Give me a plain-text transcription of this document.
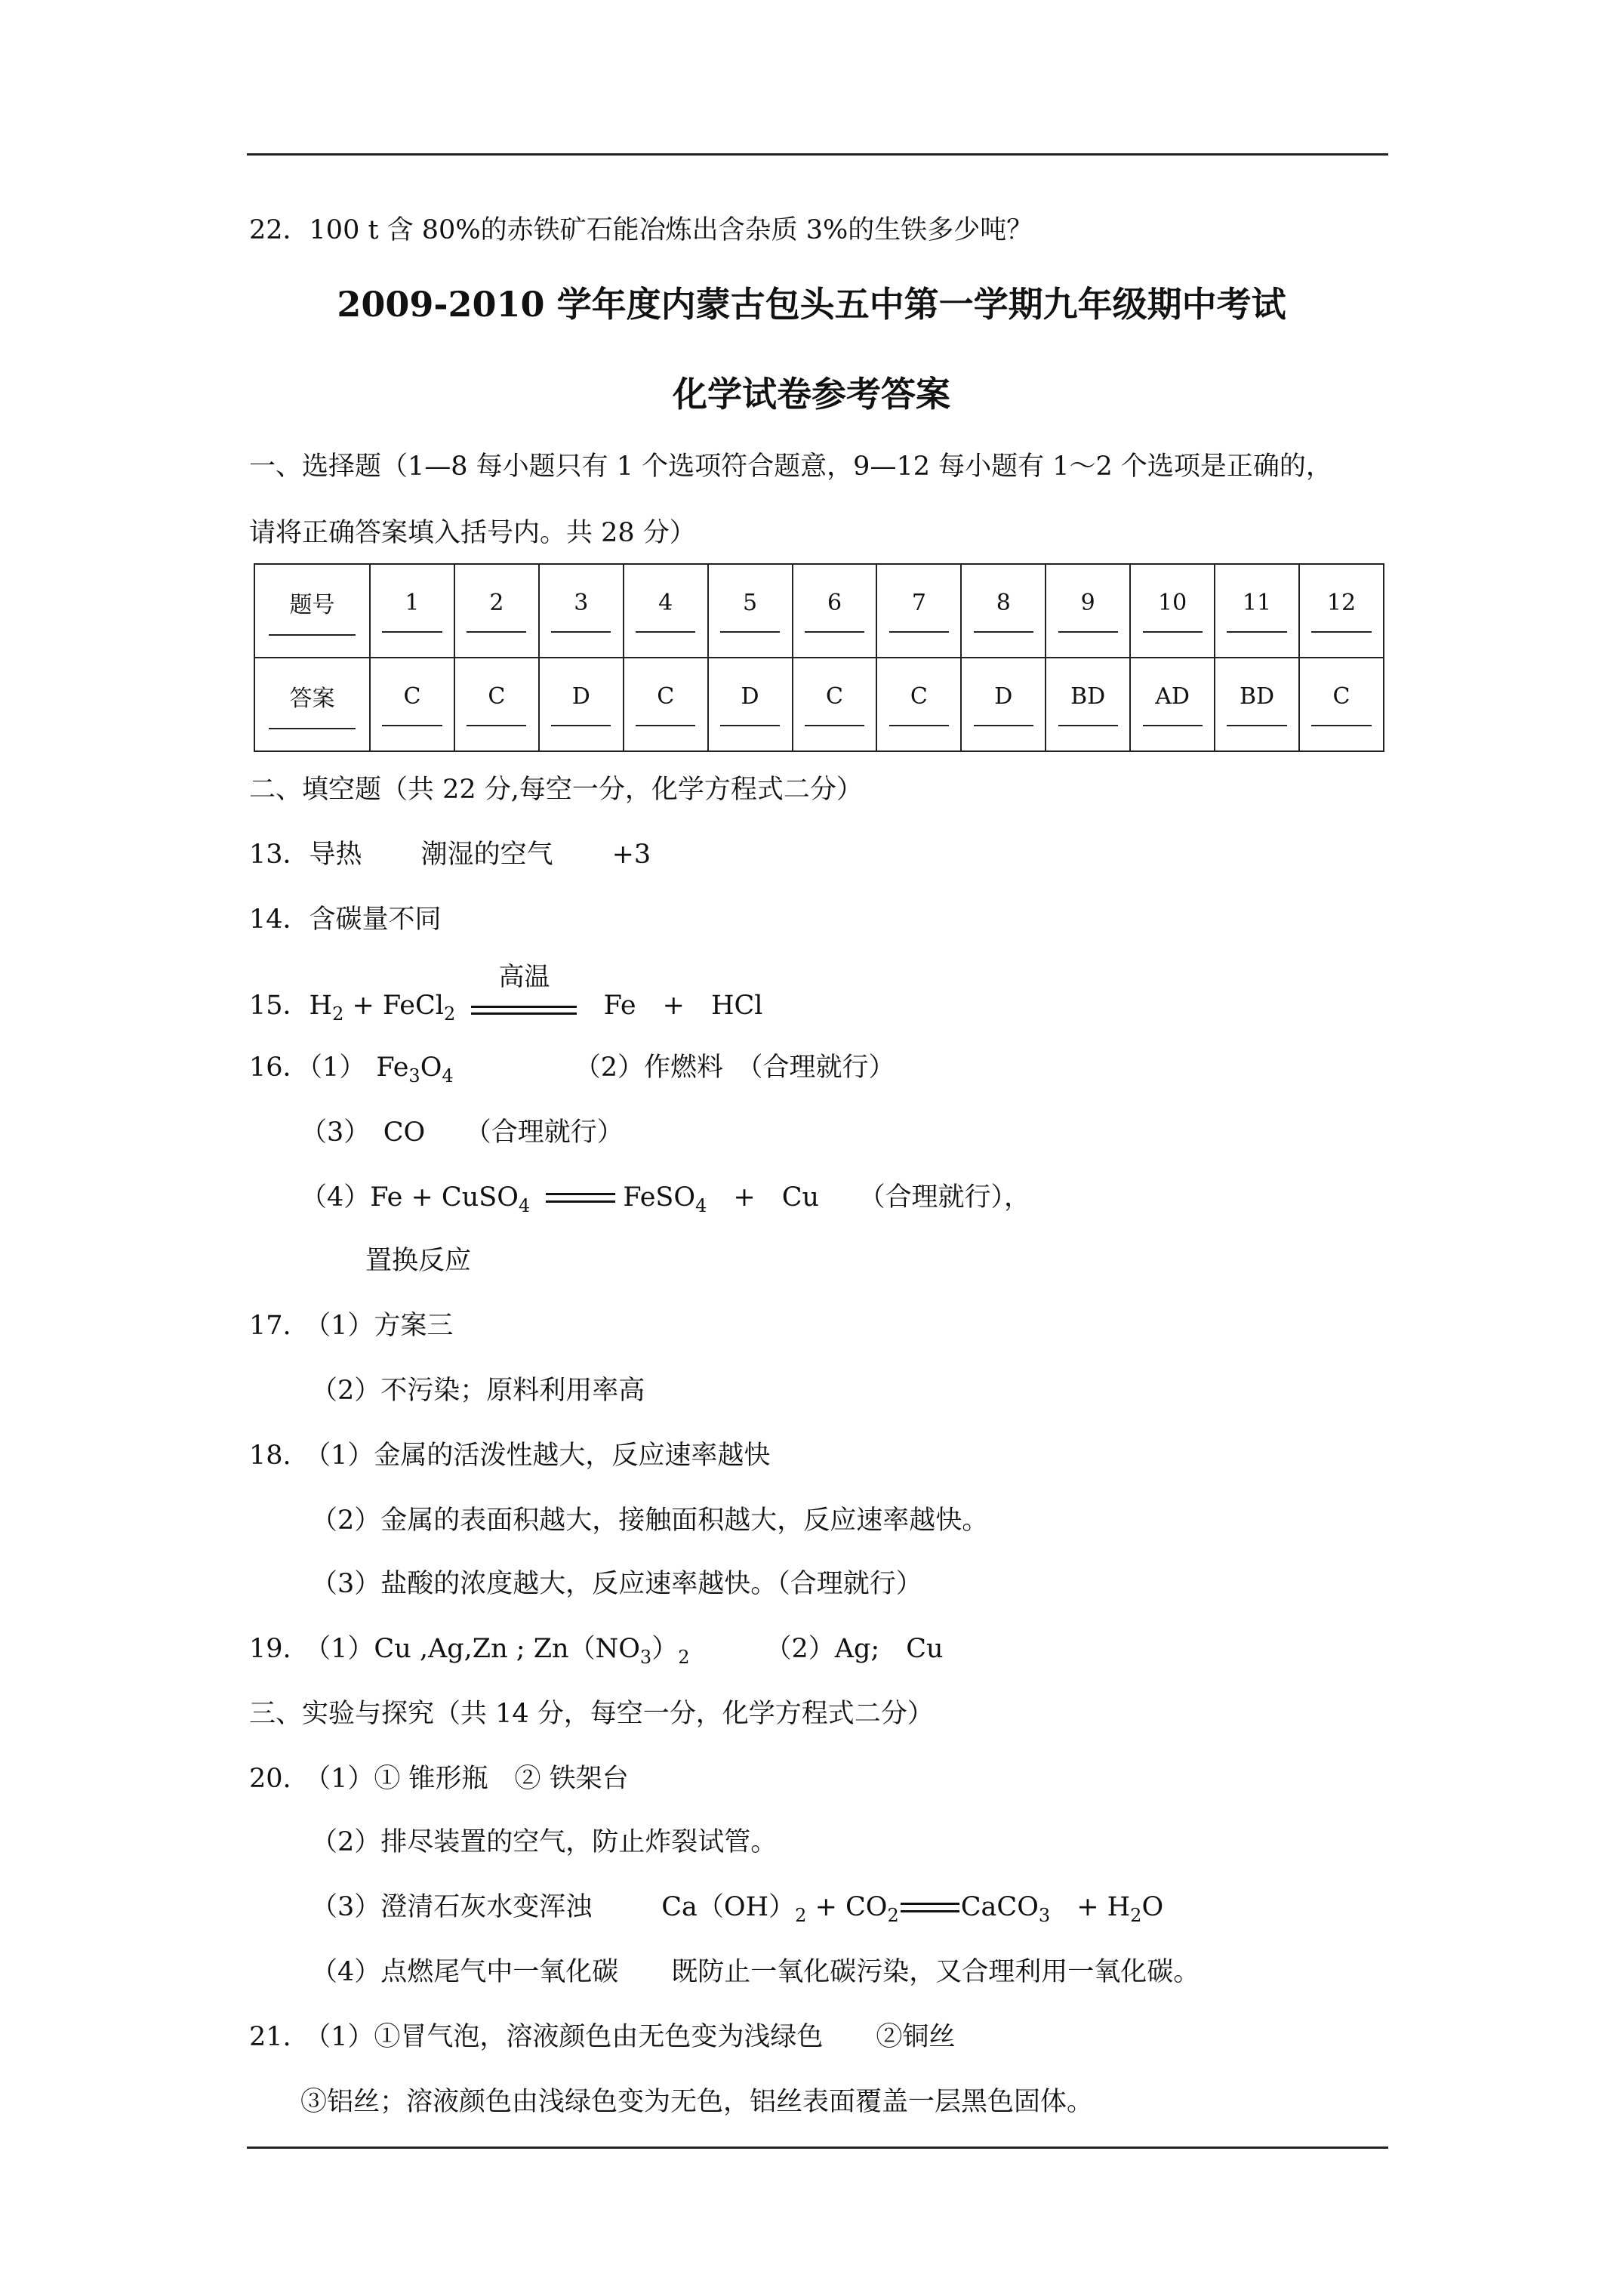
22．100 t 含 80%的赤铁矿石能冶炼出含杂质 3%的生铁多少吨？
2009-2010 学年度内蒙古包头五中第一学期九年级期中考试
化学试卷参考答案
一、选择题（1—8 每小题只有 1 个选项符合题意，9—12 每小题有 1～2 个选项是正确的，
请将正确答案填入括号内。共 28 分）
题号	1	2	3	4	5	6	7	8	9	10	11	12
答案	C	C	D	C	D	C	C	D	BD	AD	BD	C
二、填空题（共 22 分,每空一分，化学方程式二分）
13．导热 潮湿的空气 +3
14．含碳量不同
15．$H_2$ + FeCl$_2$
高温
Fe　+　HCl
16．（1） $Fe_3O_4$	（2）作燃料　（合理就行）
（3）　CO　　（合理就行）
（4）Fe + CuSO$_4$	FeSO$_4$　+　Cu　　（合理就行），
置换反应
17.　（1）方案三
（2）不污染；原料利用率高
18.　（1）金属的活泼性越大，反应速率越快
（2）金属的表面积越大，接触面积越大，反应速率越快。
（3）盐酸的浓度越大，反应速率越快。（合理就行）
19.　（1）Cu ,Ag,Zn ; $Zn(NO_3)_2$	（2）Ag;　Cu
三、实验与探究（共 14 分，每空一分，化学方程式二分）
20.　（1）① 锥形瓶　② 铁架台
（2）排尽装置的空气，防止炸裂试管。
（3）澄清石灰水变浑浊	$Ca(OH)_2 + CO_2$ CaCO$_3$　+ $H_2O$
（4）点燃尾气中一氧化碳　　既防止一氧化碳污染，又合理利用一氧化碳。
21.　（1）①冒气泡，溶液颜色由无色变为浅绿色　　②铜丝
③铝丝；溶液颜色由浅绿色变为无色，铝丝表面覆盖一层黑色固体。
